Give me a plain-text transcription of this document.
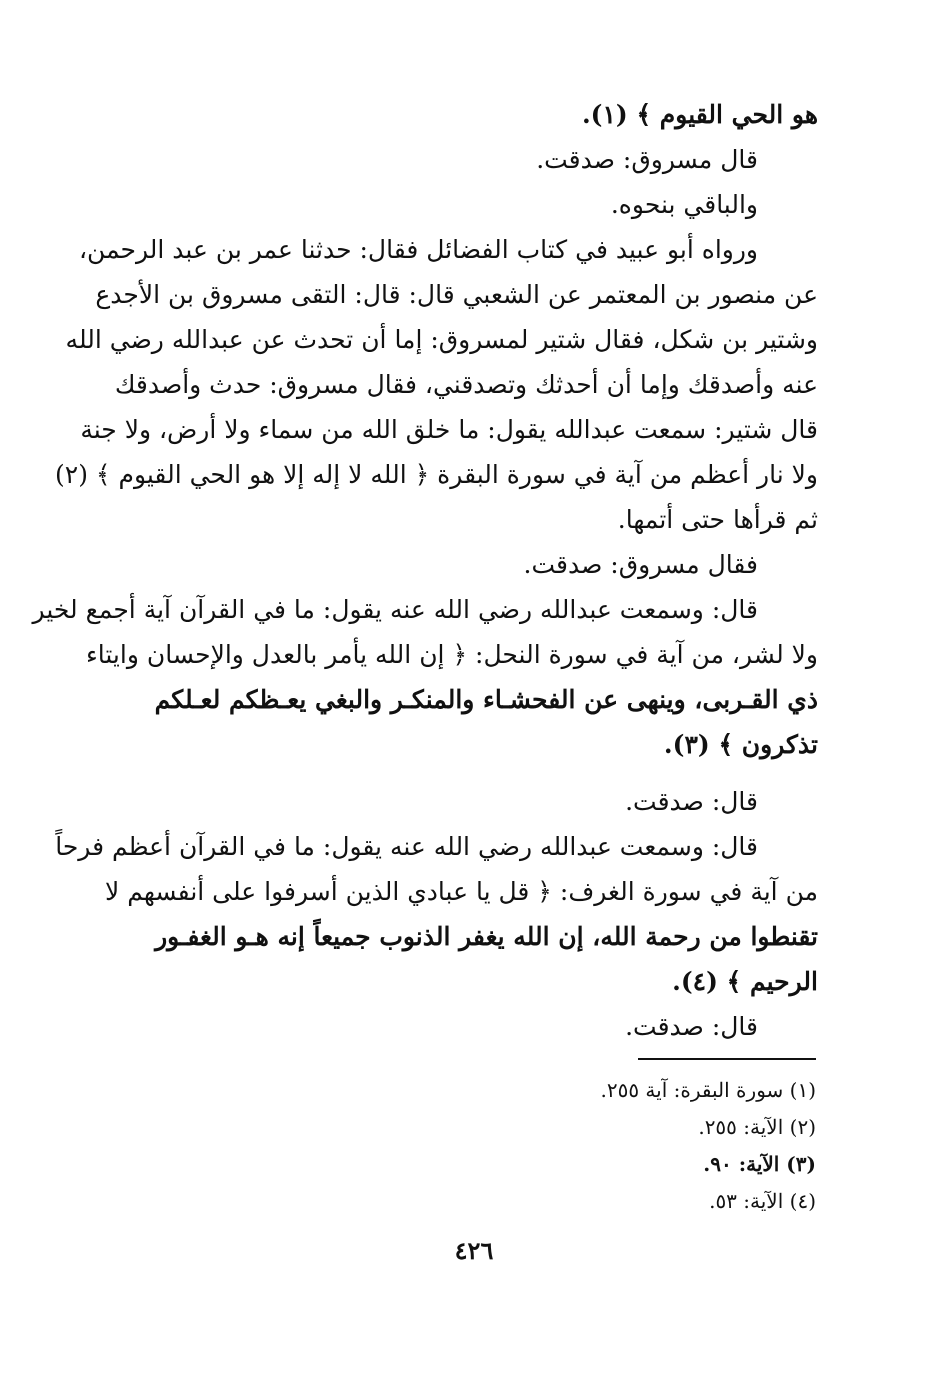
هو الحي القيوم ﴾ (١).
قال مسروق: صدقت.
والباقي بنحوه.
ورواه أبو عبيد في كتاب الفضائل فقال: حدثنا عمر بن عبد الرحمن،
عن منصور بن المعتمر عن الشعبي قال: قال: التقى مسروق بن الأجدع
وشتير بن شكل، فقال شتير لمسروق: إما أن تحدث عن عبدالله رضي الله
عنه وأصدقك وإما أن أحدثك وتصدقني، فقال مسروق: حدث وأصدقك
قال شتير: سمعت عبدالله يقول: ما خلق الله من سماء ولا أرض، ولا جنة
ولا نار أعظم من آية في سورة البقرة ﴿ الله لا إله إلا هو الحي القيوم ﴾ (٢)
ثم قرأها حتى أتمها.
فقال مسروق: صدقت.
قال: وسمعت عبدالله رضي الله عنه يقول: ما في القرآن آية أجمع لخير
ولا لشر، من آية في سورة النحل: ﴿ إن الله يأمر بالعدل والإحسان وايتاء
ذي القـربى، وينهى عن الفحشـاء والمنكـر والبغي يعـظكم لعـلكم
تذكرون ﴾ (٣).
قال: صدقت.
قال: وسمعت عبدالله رضي الله عنه يقول: ما في القرآن أعظم فرحاً
من آية في سورة الغرف: ﴿ قل يا عبادي الذين أسرفوا على أنفسهم لا
تقنطوا من رحمة الله، إن الله يغفر الذنوب جميعاً إنه هـو الغفـور
الرحيم ﴾ (٤).
قال: صدقت.
(١) سورة البقرة: آية ٢٥٥.
(٢) الآية: ٢٥٥.
(٣) الآية: ٩٠.
(٤) الآية: ٥٣.
٤٢٦
